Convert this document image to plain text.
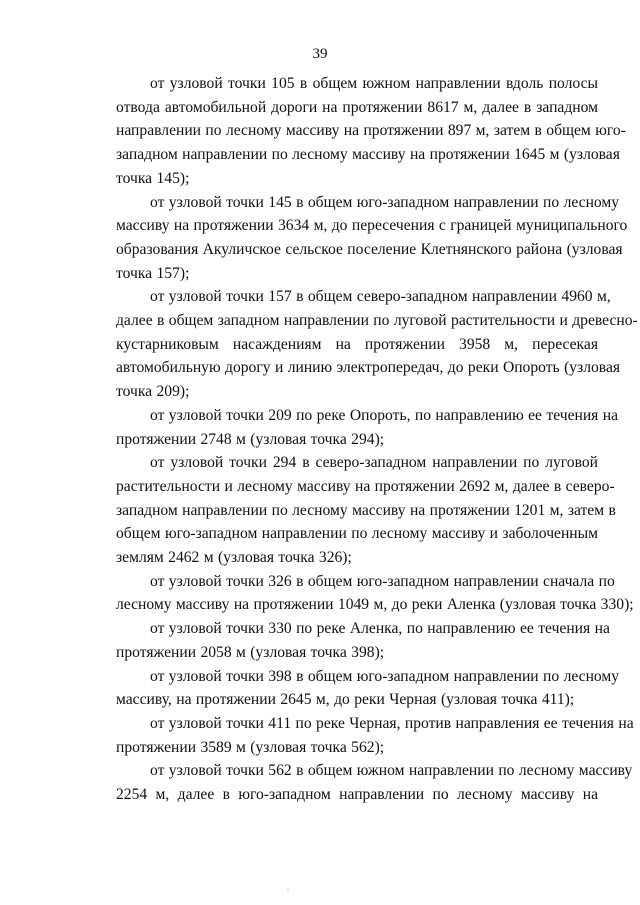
39

от узловой точки 105 в общем южном направлении вдоль полосы
отвода автомобильной дороги на протяжении 8617 м, далее в западном
направлении по лесному массиву на протяжении 897 м, затем в общем юго-
западном направлении по лесному массиву на протяжении 1645 м (узловая
точка 145);

от узловой точки 145 в общем юго-западном направлении по лесному
массиву на протяжении 3634 м, до пересечения с границей муниципального
образования Акуличское сельское поселение Клетнянского района (узловая
точка 157);

от узловой точки 157 в общем северо-западном направлении 4960 м,
далее в общем западном направлении по луговой растительности и древесно-
кустарниковым насаждениям на протяжении 3958 м, пересекая
автомобильную дорогу и линию электропередач, до реки Опороть (узловая
точка 209);

от узловой точки 209 по реке Опороть, по направлению ее течения на
протяжении 2748 м (узловая точка 294);

от узловой точки 294 в северо-западном направлении по луговой
растительности и лесному массиву на протяжении 2692 м, далее в северо-
западном направлении по лесному массиву на протяжении 1201 м, затем в
общем юго-западном направлении по лесному массиву и заболоченным
землям 2462 м (узловая точка 326);

от узловой точки 326 в общем юго-западном направлении сначала по
лесному массиву на протяжении 1049 м, до реки Аленка (узловая точка 330);

от узловой точки 330 по реке Аленка, по направлению ее течения на
протяжении 2058 м (узловая точка 398);

от узловой точки 398 в общем юго-западном направлении по лесному
массиву, на протяжении 2645 м, до реки Черная (узловая точка 411);

от узловой точки 411 по реке Черная, против направления ее течения на
протяжении 3589 м (узловая точка 562);

от узловой точки 562 в общем южном направлении по лесному массиву
2254 м, далее в юго-западном направлении по лесному массиву на
